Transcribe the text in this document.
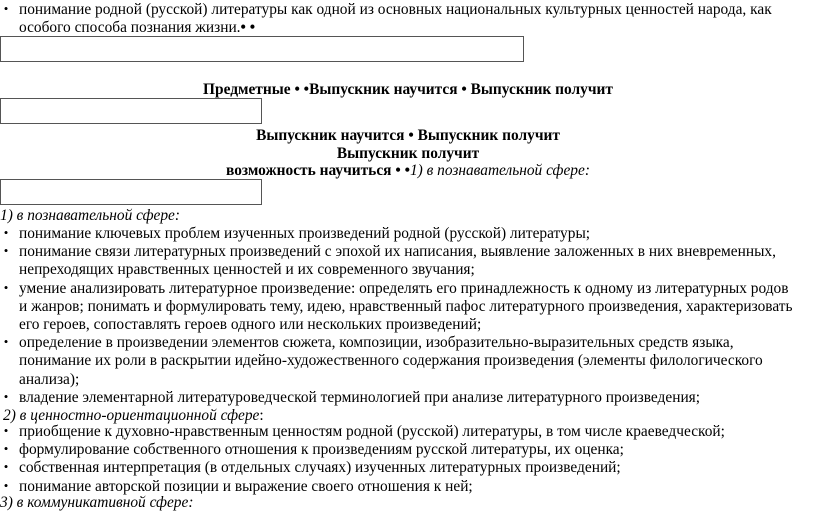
• понимание родной (русской) литературы как одной из основных национальных культурных ценностей народа, как
особого способа познания жизни.• •
Предметные • •Выпускник научится • Выпускник получит
Выпускник научится • Выпускник получит
Выпускник получит
возможность научиться • •1) в познавательной сфере:
1) в познавательной сфере:
• понимание ключевых проблем изученных произведений родной (русской) литературы;
• понимание связи литературных произведений с эпохой их написания, выявление заложенных в них вневременных,
непреходящих нравственных ценностей и их современного звучания;
• умение анализировать литературное произведение: определять его принадлежность к одному из литературных родов
и жанров; понимать и формулировать тему, идею, нравственный пафос литературного произведения, характеризовать
его героев, сопоставлять героев одного или нескольких произведений;
• определение в произведении элементов сюжета, композиции, изобразительно-выразительных средств языка,
понимание их роли в раскрытии идейно-художественного содержания произведения (элементы филологического
анализа);
• владение элементарной литературоведческой терминологией при анализе литературного произведения;
2) в ценностно-ориентационной сфере:
• приобщение к духовно-нравственным ценностям родной (русской) литературы, в том числе краеведческой;
• формулирование собственного отношения к произведениям русской литературы, их оценка;
• собственная интерпретация (в отдельных случаях) изученных литературных произведений;
• понимание авторской позиции и выражение своего отношения к ней;
3) в коммуникативной сфере:
